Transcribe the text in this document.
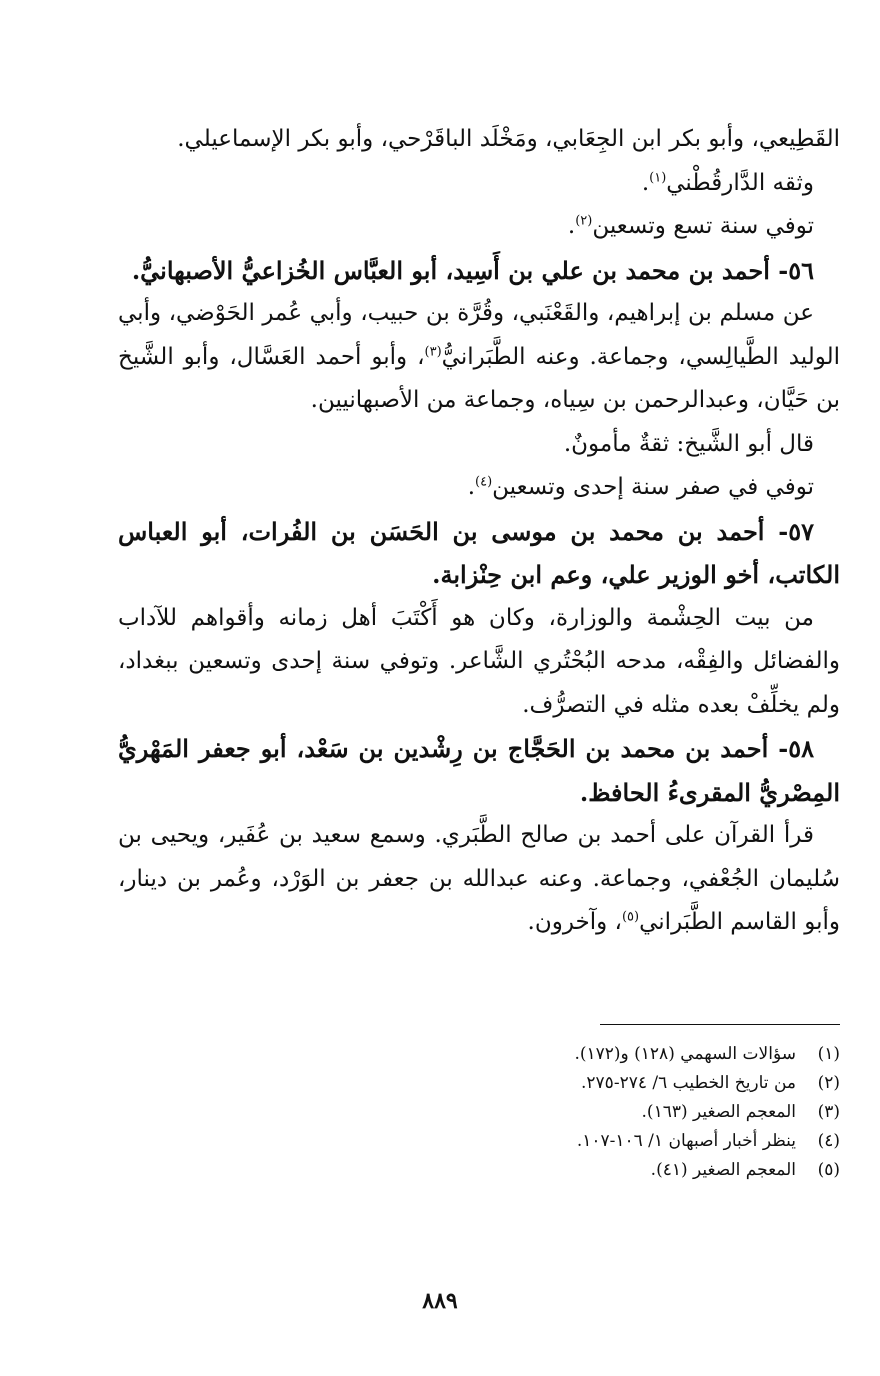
القَطِيعي، وأبو بكر ابن الجِعَابي، ومَخْلَد الباقَرْحي، وأبو بكر الإسماعيلي.

وثقه الدَّارقُطْني$^{(١)}$.

توفي سنة تسع وتسعين$^{(٢)}$.

٥٦- أحمد بن محمد بن علي بن أَسِيد، أبو العبَّاس الخُزاعيُّ الأصبهانيُّ.

عن مسلم بن إبراهيم، والقَعْنَبي، وقُرَّة بن حبيب، وأبي عُمر الحَوْضي، وأبي الوليد الطَّيالِسي، وجماعة. وعنه الطَّبَرانيُّ$^{(٣)}$، وأبو أحمد العَسَّال، وأبو الشَّيخ بن حَيَّان، وعبدالرحمن بن سِياه، وجماعة من الأصبهانيين.

قال أبو الشَّيخ: ثقةٌ مأمونٌ.

توفي في صفر سنة إحدى وتسعين$^{(٤)}$.

٥٧- أحمد بن محمد بن موسى بن الحَسَن بن الفُرات، أبو العباس الكاتب، أخو الوزير علي، وعم ابن حِنْزابة.

من بيت الحِشْمة والوزارة، وكان هو أَكْتَبَ أهل زمانه وأقواهم للآداب والفضائل والفِقْه، مدحه البُحْتُري الشَّاعر. وتوفي سنة إحدى وتسعين ببغداد، ولم يخلِّفْ بعده مثله في التصرُّف.

٥٨- أحمد بن محمد بن الحَجَّاج بن رِشْدين بن سَعْد، أبو جعفر المَهْريُّ المِصْريُّ المقرىءُ الحافظ.

قرأ القرآن على أحمد بن صالح الطَّبَري. وسمع سعيد بن عُفَير، ويحيى بن سُليمان الجُعْفي، وجماعة. وعنه عبدالله بن جعفر بن الوَرْد، وعُمر بن دينار، وأبو القاسم الطَّبَراني$^{(٥)}$، وآخرون.

(١)
سؤالات السهمي (١٢٨) و(١٧٢).
(٢)
من تاريخ الخطيب ٦/ ٢٧٤-٢٧٥.
(٣)
المعجم الصغير (١٦٣).
(٤)
ينظر أخبار أصبهان ١/ ١٠٦-١٠٧.
(٥)
المعجم الصغير (٤١).
٨٨٩
